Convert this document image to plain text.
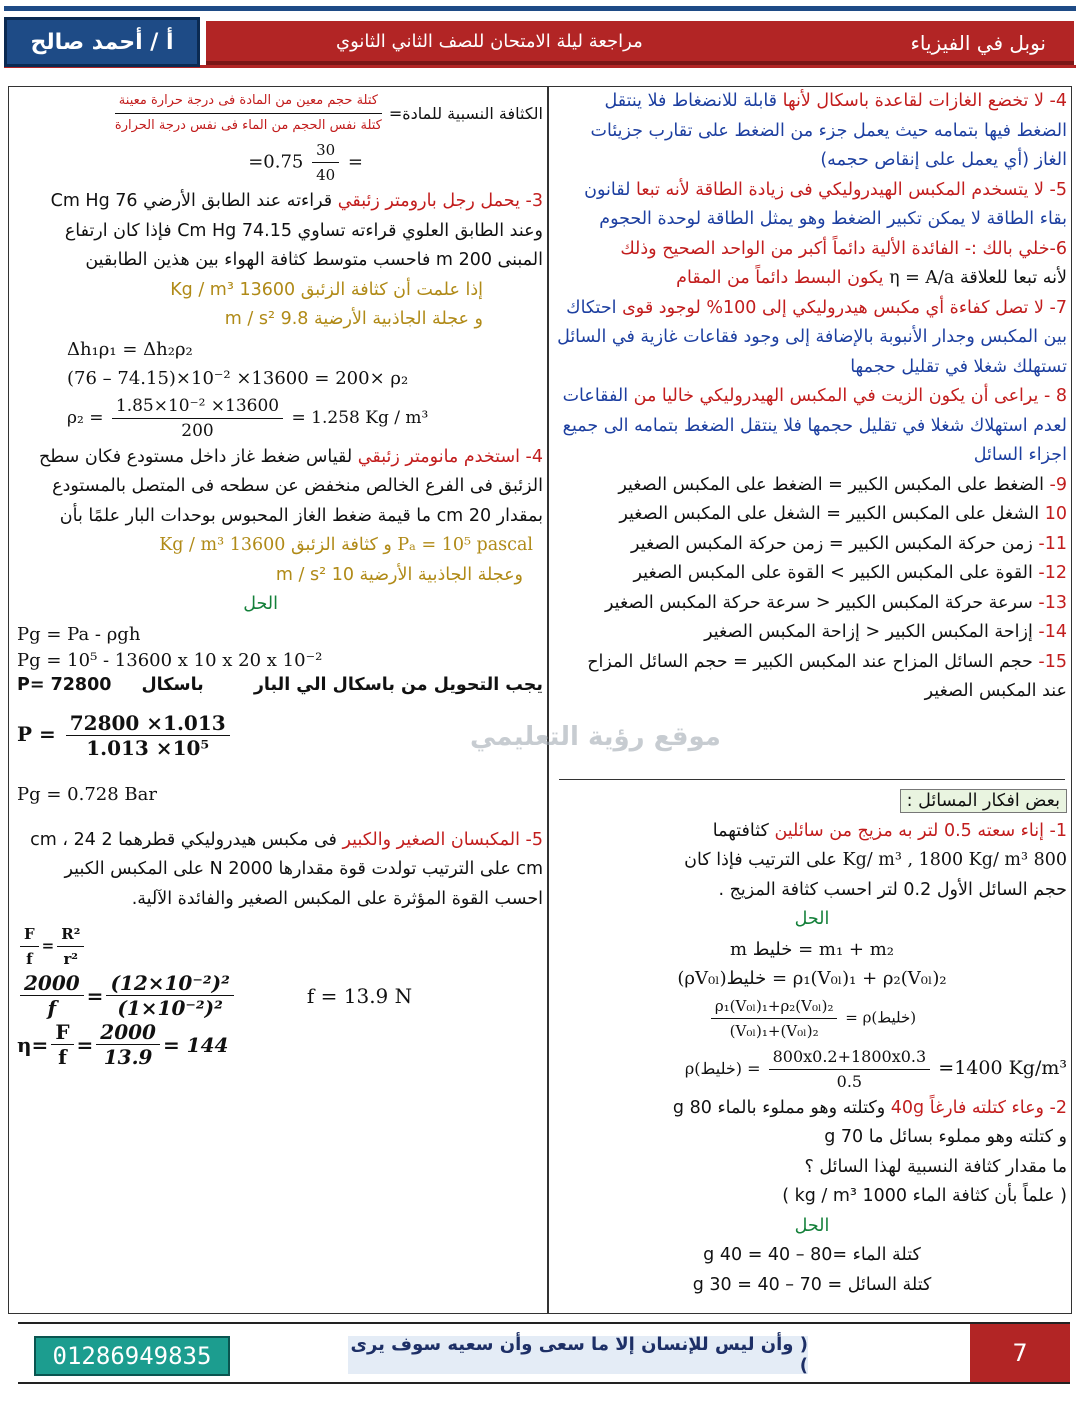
أ / أحمد صالح	نوبل في الفيزياء
مراجعة ليلة الامتحان للصف الثاني الثانوي
4- لا تخضع الغازات لقاعدة باسكال لأنها قابلة للانضغاط فلا ينتقل الضغط فيها بتمامه حيث يعمل جزء من الضغط على تقارب جزيئات الغاز (أي يعمل على إنقاص حجمه)
5- لا يتسخدم المكبس الهيدروليكي فى زيادة الطاقة لأنه تبعا لقانون بقاء الطاقة لا يمكن تكبير الضغط وهو يمثل الطاقة لوحدة الحجوم
6-خلي بالك :- الفائدة الألية دائماً أكبر من الواحد الصحيح وذلك
لأنه تبعا للعلاقة η = A/a يكون البسط دائماً من المقام
7- لا تصل كفاءة أي مكبس هيدروليكي إلى 100% لوجود قوى احتكاك بين المكبس وجدار الأنبوبة بالإضافة إلى وجود فقاعات غازية في السائل تستهلك شغلا في تقليل حجمها
8 - يراعى أن يكون الزيت في المكبس الهيدروليكي خاليا من الفقاعات لعدم استهلاك شغلا في تقليل حجمها فلا ينتقل الضغط بتمامه الى جميع اجزاء السائل
9- الضغط على المكبس الكبير = الضغط على المكبس الصغير
10 الشغل على المكبس الكبير = الشغل على المكبس الصغير
11- زمن حركة المكبس الكبير = زمن حركة المكبس الصغير
12- القوة على المكبس الكبير > القوة على المكبس الصغير
13- سرعة حركة المكبس الكبير < سرعة حركة المكبس الصغير
14- إزاحة المكبس الكبير < إزاحة المكبس الصغير
15- حجم السائل المزاح عند المكبس الكبير = حجم السائل المزاح عند المكبس الصغير
بعض افكار المسائل :
1- إناء سعته 0.5 لتر به مزيج من سائلين كثافتهما
800 Kg/ m³ , 1800 Kg/ m³ على الترتيب فإذا كان
حجم السائل الأول 0.2 لتر احسب كثافة المزيج .
الحل
m خليط = m₁ + m₂
(ρV₀ₗ)خليط = ρ₁(V₀ₗ)₁ + ρ₂(V₀ₗ)₂
$\frac{\text{ρ₁(V₀ₗ)₁+ρ₂(V₀ₗ)₂}}{\text{(V₀ₗ)₁+(V₀ₗ)₂}}$ = ρ(خليط)
ρ(خليط) = $\frac{800x0.2+1800x0.3}{0.5} =1400$ Kg/m³
2- وعاء كتلته فارغاً 40g وكتلته وهو مملوء بالماء 80 g
و كتلته وهو مملوء بسائل ما 70 g
ما مقدار كثافة النسبية لهذا السائل ؟
( علماً بأن كثافة الماء 1000 kg / m³ )
الحل
كتلة الماء =80 – 40 = 40 g
كتلة السائل = 70 – 40 = 30 g
الكثافة النسبية للمادة=
$\frac{\text{كتلة حجم معين من المادة فى درجة حرارة معينة}}{\text{كتلة نفس الحجم من الماء فى نفس درجة الحرارة}}$
$=0.75 \frac{30}{40}$ =
3- يحمل رجل بارومتر زئبقي قراءته عند الطابق الأرضي 76 Cm Hg وعند الطابق العلوي قراءته تساوي 74.15 Cm Hg فإذا كان ارتفاع المبنى 200 m فاحسب متوسط كثافة الهواء بين هذين الطابقين
إذا علمت أن كثافة الزئبق 13600 Kg / m³
و عجلة الجاذبية الأرضية 9.8 m / s²
Δh₁ρ₁ = Δh₂ρ₂
(76 – 74.15)×10⁻² ×13600 = 200× ρ₂
$\rho_2 = \frac{\text{1.85×10⁻² ×13600}}{200} = 1.258$ Kg / m³
4- استخدم مانومتر زئبقي لقياس ضغط غاز داخل مستودع فكان سطح الزئبق فى الفرع الخالص منخفض عن سطحه فى المتصل بالمستودع بمقدار 20 cm ما قيمة ضغط الغاز المحبوس بوحدات البار علمًا بأن
Pₐ = 10⁵ pascal و كثافة الزئبق 13600 Kg / m³
وعجلة الجاذبية الأرضية 10 m / s²
الحل
Pg = Pa - ρgh
Pg = 10⁵ - 13600 x 10 x 20 x 10⁻²
يجب التحويل من باسكال الي البار
باسكالP= 72800
$P = \frac{72800 \times 1.013}{\text{1.013 ×10⁵}}$
Pg = 0.728 Bar
5- المكبسان الصغير والكبير فى مكبس هيدروليكي قطرهما 2 cm ، 24 cm على الترتيب تولدت قوة مقدارها 2000 N على المكبس الكبير احسب القوة المؤثرة على المكبس الصغير والفائدة الآلية.
$\frac{F}{f} = \frac{\text{R²}}{\text{r²}}$
$\frac{2000}{f} = \frac{\text{(12×10⁻²)²}}{\text{(1×10⁻²)²}}$	f = 13.9 N
$\eta= \frac{F}{f} = \frac{2000}{13.9} = 144$
موقع رؤية التعليمي
01286949835	( وأن ليس للإنسان إلا ما سعى وأن سعيه سوف يرى )	7
